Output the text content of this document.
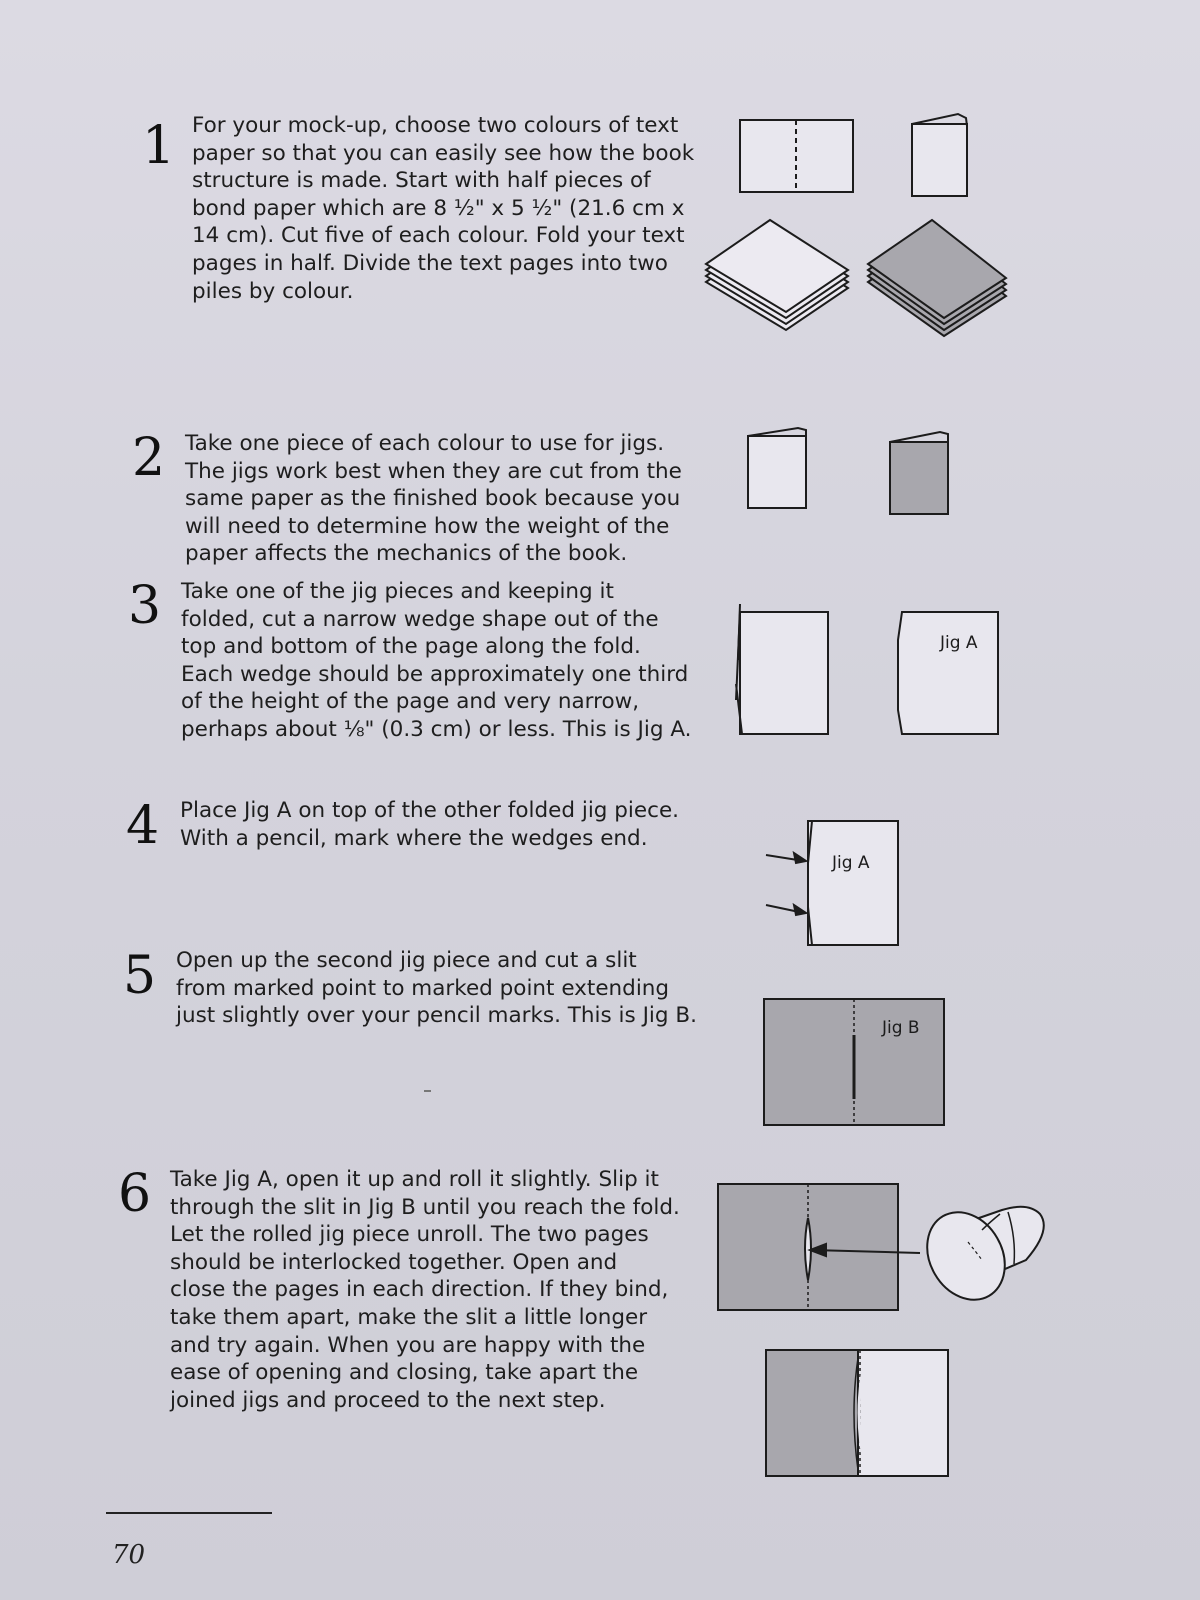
1 For your mock-up, choose two colours of text
paper so that you can easily see how the book
structure is made. Start with half pieces of
bond paper which are 8 ½" x 5 ½" (21.6 cm x
14 cm). Cut five of each colour. Fold your text
pages in half. Divide the text pages into two
piles by colour.
2 Take one piece of each colour to use for jigs.
The jigs work best when they are cut from the
same paper as the finished book because you
will need to determine how the weight of the
paper affects the mechanics of the book.
3 Take one of the jig pieces and keeping it
folded, cut a narrow wedge shape out of the
top and bottom of the page along the fold.
Each wedge should be approximately one third
of the height of the page and very narrow,
perhaps about ⅛" (0.3 cm) or less. This is Jig A.
Jig A
4 Place Jig A on top of the other folded jig piece.
With a pencil, mark where the wedges end.
Jig A
5 Open up the second jig piece and cut a slit
from marked point to marked point extending
just slightly over your pencil marks. This is Jig B.	Jig B
6 Take Jig A, open it up and roll it slightly. Slip it
through the slit in Jig B until you reach the fold.
Let the rolled jig piece unroll. The two pages
should be interlocked together. Open and
close the pages in each direction. If they bind,
take them apart, make the slit a little longer
and try again. When you are happy with the
ease of opening and closing, take apart the
joined jigs and proceed to the next step.
70
